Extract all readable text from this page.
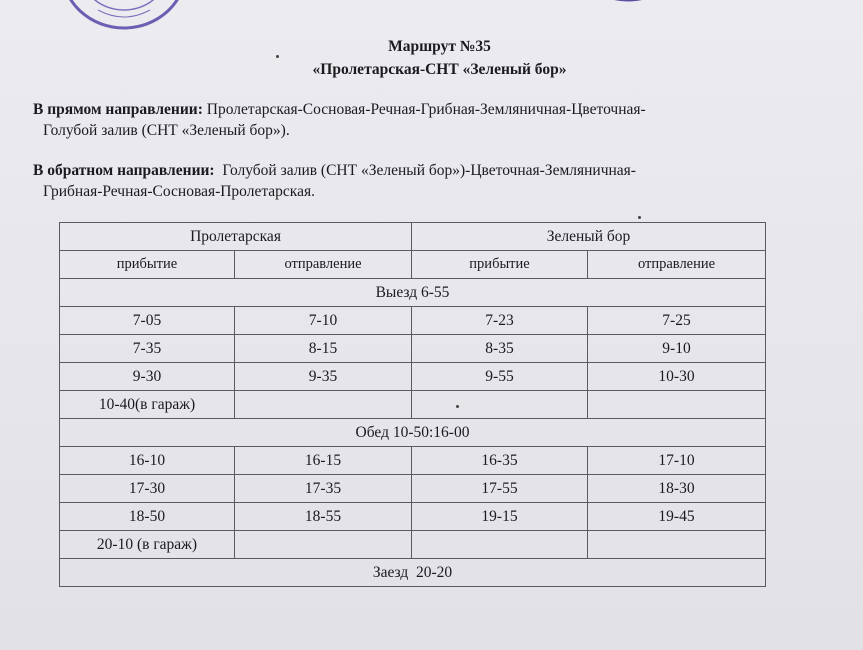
Маршрут №35
«Пролетарская-СНТ «Зеленый бор»
В прямом направлении: Пролетарская-Сосновая-Речная-Грибная-Земляничная-Цветочная-
Голубой залив (СНТ «Зеленый бор»).
В обратном направлении:  Голубой залив (СНТ «Зеленый бор»)-Цветочная-Земляничная-
Грибная-Речная-Сосновая-Пролетарская.
Пролетарская		Зеленый бор	
прибытие	отправление	прибытие	отправление
Выезд 6-55			
7-05	7-10	7-23	7-25
7-35	8-15	8-35	9-10
9-30	9-35	9-55	10-30
10-40(в гараж)			
Обед 10-50:16-00			
16-10	16-15	16-35	17-10
17-30	17-35	17-55	18-30
18-50	18-55	19-15	19-45
20-10 (в гараж)			
Заезд  20-20			
